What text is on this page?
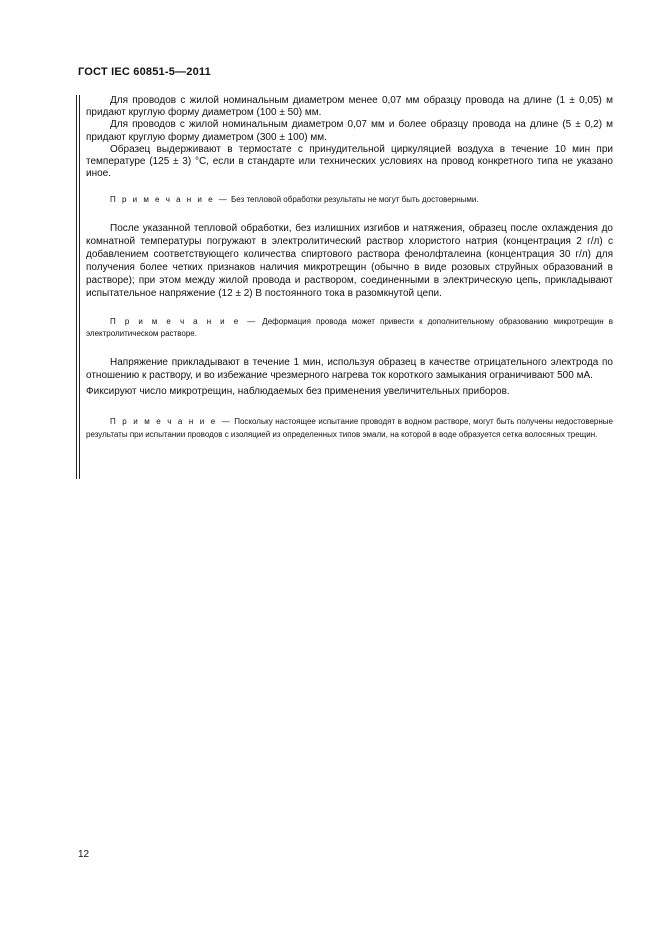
ГОСТ IEC 60851-5—2011

Для проводов с жилой номинальным диаметром менее 0,07 мм образцу провода на длине (1 ± 0,05) м придают круглую форму диаметром (100 ± 50) мм.

Для проводов с жилой номинальным диаметром 0,07 мм и более образцу провода на длине (5 ± 0,2) м придают круглую форму диаметром (300 ± 100) мм.

Образец выдерживают в термостате с принудительной циркуляцией воздуха в течение 10 мин при температуре (125 ± 3) °С, если в стандарте или технических условиях на провод конкретного типа не указано иное.

П р и м е ч а н и е — Без тепловой обработки результаты не могут быть достоверными.

После указанной тепловой обработки, без излишних изгибов и натяжения, образец после охлаждения до комнатной температуры погружают в электролитический раствор хлористого натрия (концентрация 2 г/л) с добавлением соответствующего количества спиртового раствора фенолфталеина (концентрация 30 г/л) для получения более четких признаков наличия микротрещин (обычно в виде розовых струйных образований в растворе); при этом между жилой провода и раствором, соединенными в электрическую цепь, прикладывают испытательное напряжение (12 ± 2) В постоянного тока в разомкнутой цепи.

П р и м е ч а н и е — Деформация провода может привести к дополнительному образованию микротрещин в электролитическом растворе.

Напряжение прикладывают в течение 1 мин, используя образец в качестве отрицательного электрода по отношению к раствору, и во избежание чрезмерного нагрева ток короткого замыкания ограничивают 500 мА.

Фиксируют число микротрещин, наблюдаемых без применения увеличительных приборов.

П р и м е ч а н и е — Поскольку настоящее испытание проводят в водном растворе, могут быть получены недостоверные результаты при испытании проводов с изоляцией из определенных типов эмали, на которой в воде образуется сетка волосяных трещин.

12
